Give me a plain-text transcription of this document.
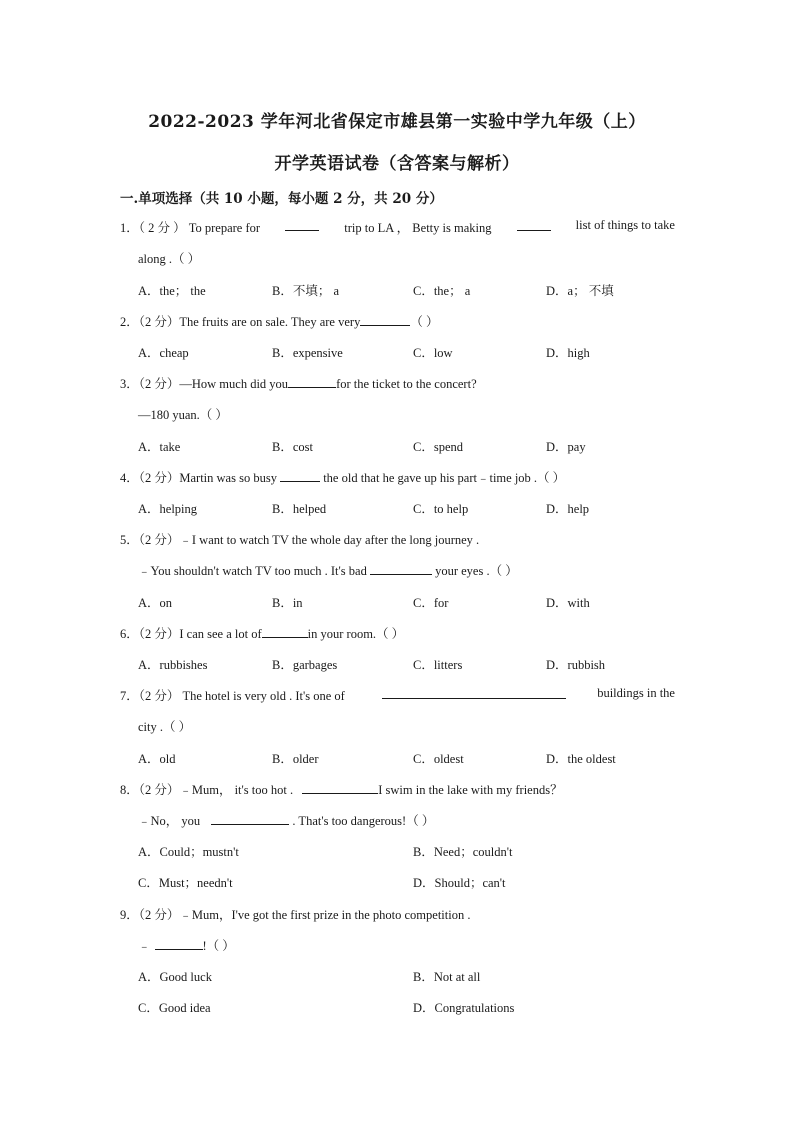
2022-2023 学年河北省保定市雄县第一实验中学九年级（上）
开学英语试卷（含答案与解析）
一.单项选择（共 10 小题，每小题 2 分，共 20 分）
1．（ 2 分 ） To prepare for	trip to LA ， Betty is making	list of things to take
along .（ ）
A．the； the	B．不填； a	C．the； a	D．a； 不填
2．（2 分）The fruits are on sale. They are very	（ ）
A．cheap	B．expensive	C．low	D．high
3．（2 分）—How much did you	for the ticket to the concert?
—180 yuan.（ ）
A．take	B．cost	C．spend	D．pay
4．（2 分）Martin was so busy	the old that he gave up his part﹣time job .（ ）
A．helping	B．helped	C．to help	D．help
5．（2 分）﹣I want to watch TV the whole day after the long journey .
﹣You shouldn't watch TV too much . It's bad	your eyes .（ ）
A．on	B．in	C．for	D．with
6．（2 分）I can see a lot of	in your room.（ ）
A．rubbishes	B．garbages	C．litters	D．rubbish
7．（2 分） The hotel is very old . It's one of	buildings in the
city .（ ）
A．old	B．older	C．oldest	D．the oldest
8．（2 分）﹣Mum， it's too hot .	I swim in the lake with my friends？
﹣No， you	. That's too dangerous!（ ）
A．Could；mustn't	B．Need；couldn't
C．Must；needn't	D．Should；can't
9．（2 分）﹣Mum，I've got the first prize in the photo competition .
﹣	!（ ）
A．Good luck	B．Not at all
C．Good idea	D．Congratulations
